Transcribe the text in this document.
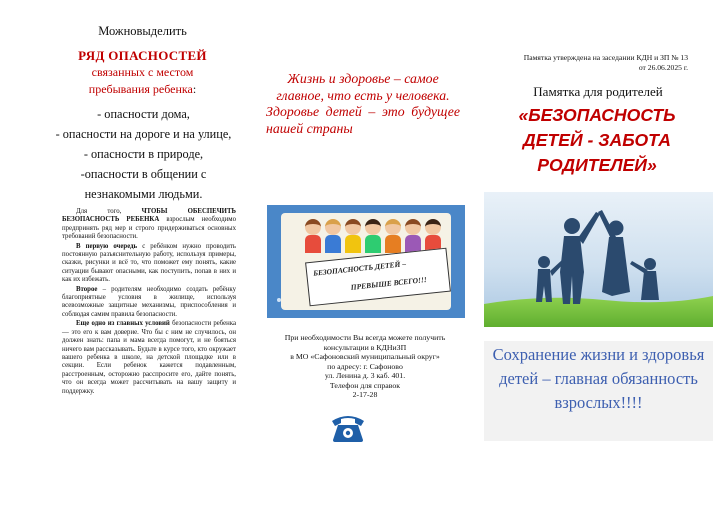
Можновыделить
РЯД ОПАСНОСТЕЙ
связанных с местом пребывания ребенка:
- опасности дома,
- опасности на дороге и на улице,
- опасности в природе,
-опасности в общении с незнакомыми людьми.

Для того,	ЧТОБЫ ОБЕСПЕЧИТЬ БЕЗОПАСНОСТЬ РЕБЕНКА взрослым необходимо предпринять ряд мер и строго придерживаться основных требований безопасности.

В первую очередь с ребёнком нужно проводить постоянную разъяснительную работу, используя примеры, сказки, рисунки и всё то, что поможет ему понять, какие ситуации бывают опасными, как поступить, попав в них и как их избежать.

Второе – родителям необходимо создать ребёнку благоприятные условия в жилище, используя всевозможные защитные механизмы, приспособления и соблюдая самим правила безопасности.

Еще одно из главных условий безопасности ребенка — это его к вам доверие. Что бы с ним не случилось, он должен знать: папа и мама всегда помогут, и не бояться ничего вам рассказывать. Будьте в курсе того, кто окружает вашего ребенка в школе, на детской площадке или в секции. Если ребенок кажется подавленным, расстроенным, осторожно расспросите его, дайте понять, что он всегда может рассчитывать на вашу защиту и поддержку.

Жизнь и здоровье – самое главное, что есть у человека.
Здоровье детей – это будущее нашей страны
БЕЗОПАСНОСТЬ ДЕТЕЙ –
ПРЕВЫШЕ ВСЕГО!!!
При необходимости Вы всегда можете получить
консультации в КДНиЗП
в МО «Сафоновский муниципальный округ»
по адресу: г. Сафоново
ул. Ленина д. 3 каб. 401.
Телефон для справок
2-17-28
Памятка утверждена на заседании КДН и ЗП № 13
от 26.06.2025 г.
Памятка для родителей
«БЕЗОПАСНОСТЬ
ДЕТЕЙ - ЗАБОТА
РОДИТЕЛЕЙ»
Сохранение жизни и здоровья детей – главная обязанность взрослых!!!!
